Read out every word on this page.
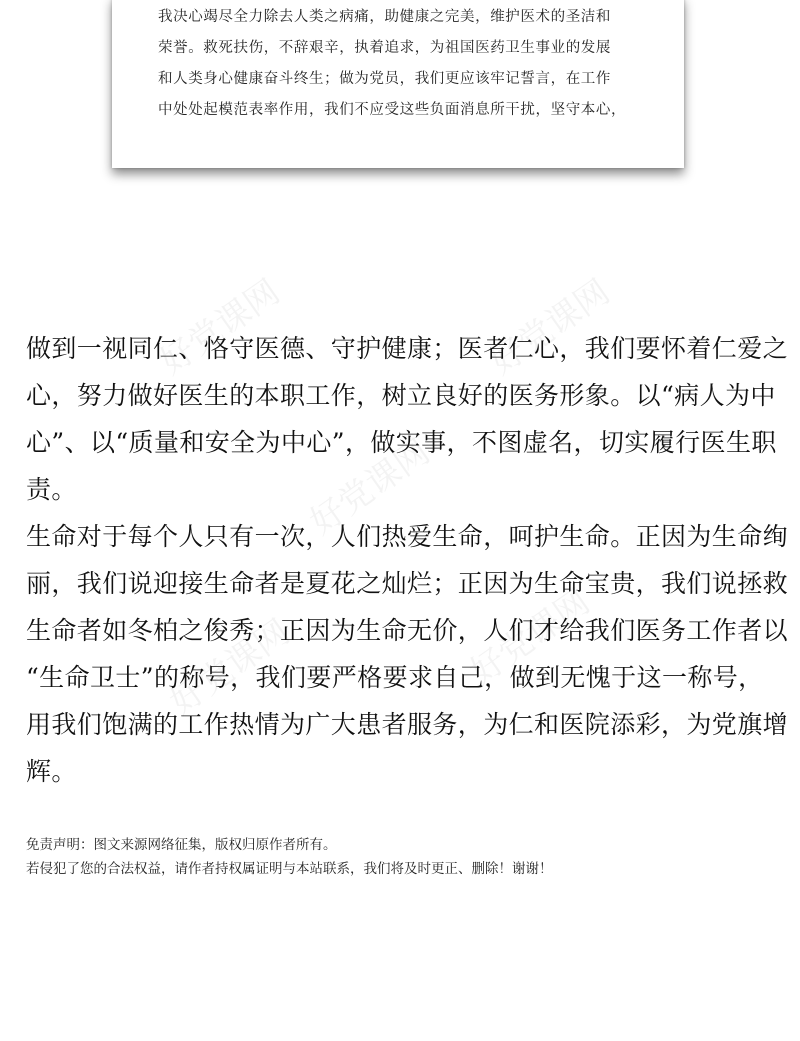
我决心竭尽全力除去人类之病痛，助健康之完美，维护医术的圣洁和

荣誉。救死扶伤，不辞艰辛，执着追求，为祖国医药卫生事业的发展

和人类身心健康奋斗终生；做为党员，我们更应该牢记誓言，在工作

中处处起模范表率作用，我们不应受这些负面消息所干扰，坚守本心，

好党课网	好党课网
好党课网
好党课网	好党课网

做到一视同仁、恪守医德、守护健康；医者仁心，我们要怀着仁爱之

心，努力做好医生的本职工作，树立良好的医务形象。以“病人为中

心”、以“质量和安全为中心”，做实事，不图虚名，切实履行医生职

责。

生命对于每个人只有一次，人们热爱生命，呵护生命。正因为生命绚

丽，我们说迎接生命者是夏花之灿烂；正因为生命宝贵，我们说拯救

生命者如冬柏之俊秀；正因为生命无价，人们才给我们医务工作者以

“生命卫士”的称号，我们要严格要求自己，做到无愧于这一称号，

用我们饱满的工作热情为广大患者服务，为仁和医院添彩，为党旗增

辉。

免责声明：图文来源网络征集，版权归原作者所有。

若侵犯了您的合法权益，请作者持权属证明与本站联系，我们将及时更正、删除！谢谢！
